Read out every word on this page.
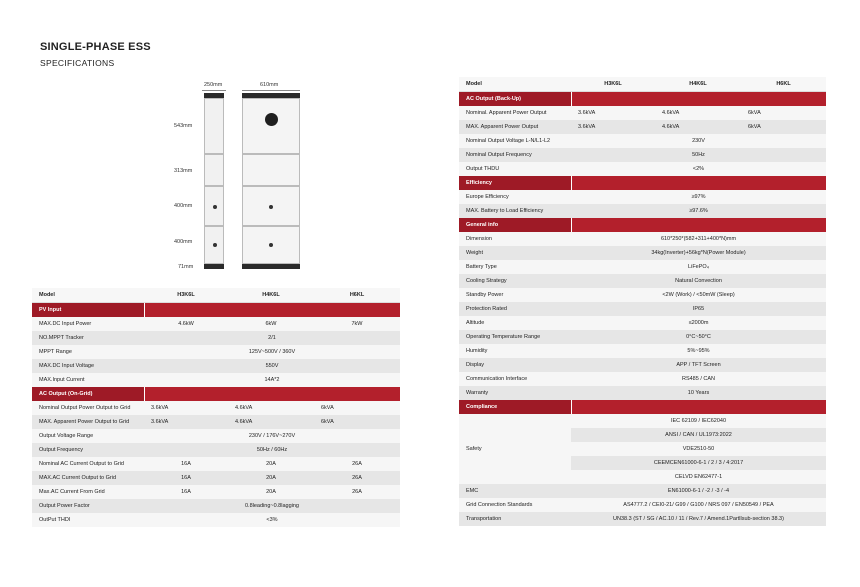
SINGLE-PHASE ESS
SPECIFICATIONS
250mm	610mm
543mm
313mm
400mm
400mm
71mm
Model	H3K6L	H4K6L	H6KL
PV Input			
MAX.DC Input Power	4.6kW	6kW	7kW
NO.MPPT Tracker	2/1		
MPPT Range	125V~500V / 360V		
MAX.DC Input Voltage	550V		
MAX.Input Current	14A*2		
AC Output (On-Grid)			
Nominal Output Power Output to Grid	3.6kVA	4.6kVA	6kVA
MAX. Apparent Power Output to Grid	3.6kVA	4.6kVA	6kVA
Output Voltage Range	230V / 176V~270V		
Output Frequency	50Hz / 60Hz		
Nominal AC Current Output to Grid	16A	20A	26A
MAX.AC Current Output to Grid	16A	20A	26A
Max.AC Current From Grid	16A	20A	26A
Output Power Factor	0.8leading~0.8lagging		
OutPut THDI	<3%		
Model	H3K6L	H4K6L	H6KL
AC Output (Back-Up)			
Nominal. Apparent Power Output	3.6kVA	4.6kVA	6kVA
MAX. Apparent Power Output	3.6kVA	4.6kVA	6kVA
Nominal Output Voltage L-N/L1-L2	230V		
Nominal Output Frequency	50Hz		
Output THDU	<2%		
Efficiency			
Europe Efficiency	≥97%		
MAX. Battery to Load Efficiency	≥97.6%		
General info			
Dimension	610*250*(582+311+400*N)mm		
Weight	34kg(Inverter)+56kg*N(Power Module)		
Battery Type	LiFePO₄		
Cooling Strategy	Natural Convection		
Standby Power	<2W (Work) / <50mW (Sleep)		
Protection Rated	IP65		
Altitude	≤2000m		
Operating Temperature Range	0°C~50°C		
Humidity	5%~95%		
Display	APP / TFT Screen		
Communication Interface	RS485 / CAN		
Warranty	10 Years		
Compliance			
Safety	IEC 62109 / IEC62040		
	ANSI / CAN / UL1973:2022		
	VDE2510-50		
	CEEMCEN61000-6-1 / 2 / 3 / 4:2017		
	CELVD EN62477-1		
EMC	EN61000-6-1 / -2 / -3 / -4		
Grid Connection Standards	AS4777.2 / CEI0-21/ G99 / G100 / NRS 097 / EN50549 / PEA		
Transportation	UN38.3 (ST / SG / AC.10 / 11 / Rev.7 / Amend.1Partllsub-section 38.3)		
